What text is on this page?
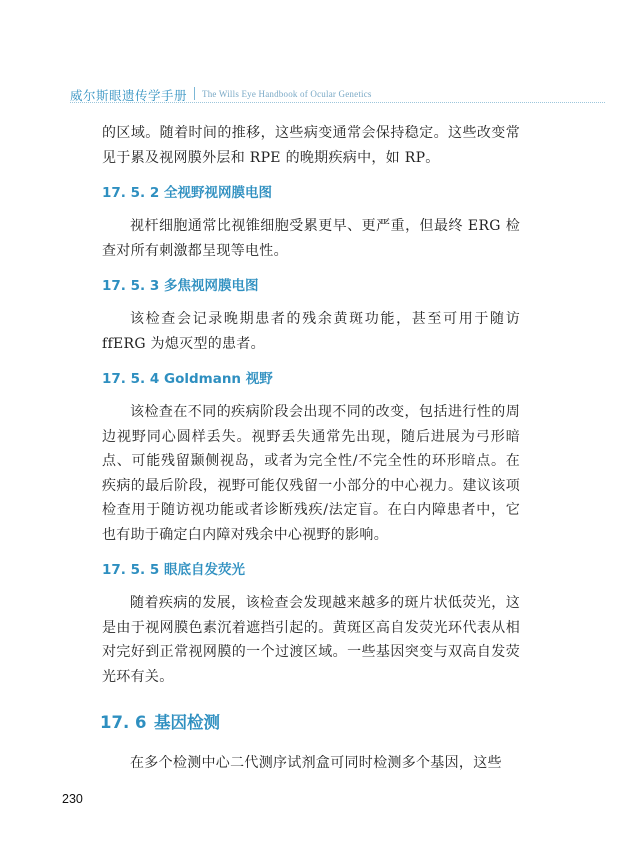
威尔斯眼遗传学手册 The Wills Eye Handbook of Ocular Genetics

的区域。随着时间的推移，这些病变通常会保持稳定。这些改变常见于累及视网膜外层和 RPE 的晚期疾病中，如 RP。

17. 5. 2 全视野视网膜电图

视杆细胞通常比视锥细胞受累更早、更严重，但最终 ERG 检查对所有刺激都呈现等电性。

17. 5. 3 多焦视网膜电图

该检查会记录晚期患者的残余黄斑功能，甚至可用于随访 ffERG 为熄灭型的患者。

17. 5. 4 Goldmann 视野

该检查在不同的疾病阶段会出现不同的改变，包括进行性的周边视野同心圆样丢失。视野丢失通常先出现，随后进展为弓形暗点、可能残留颞侧视岛，或者为完全性/不完全性的环形暗点。在疾病的最后阶段，视野可能仅残留一小部分的中心视力。建议该项检查用于随访视功能或者诊断残疾/法定盲。在白内障患者中，它也有助于确定白内障对残余中心视野的影响。

17. 5. 5 眼底自发荧光

随着疾病的发展，该检查会发现越来越多的斑片状低荧光，这是由于视网膜色素沉着遮挡引起的。黄斑区高自发荧光环代表从相对完好到正常视网膜的一个过渡区域。一些基因突变与双高自发荧光环有关。

17. 6 基因检测

在多个检测中心二代测序试剂盒可同时检测多个基因，这些

230
